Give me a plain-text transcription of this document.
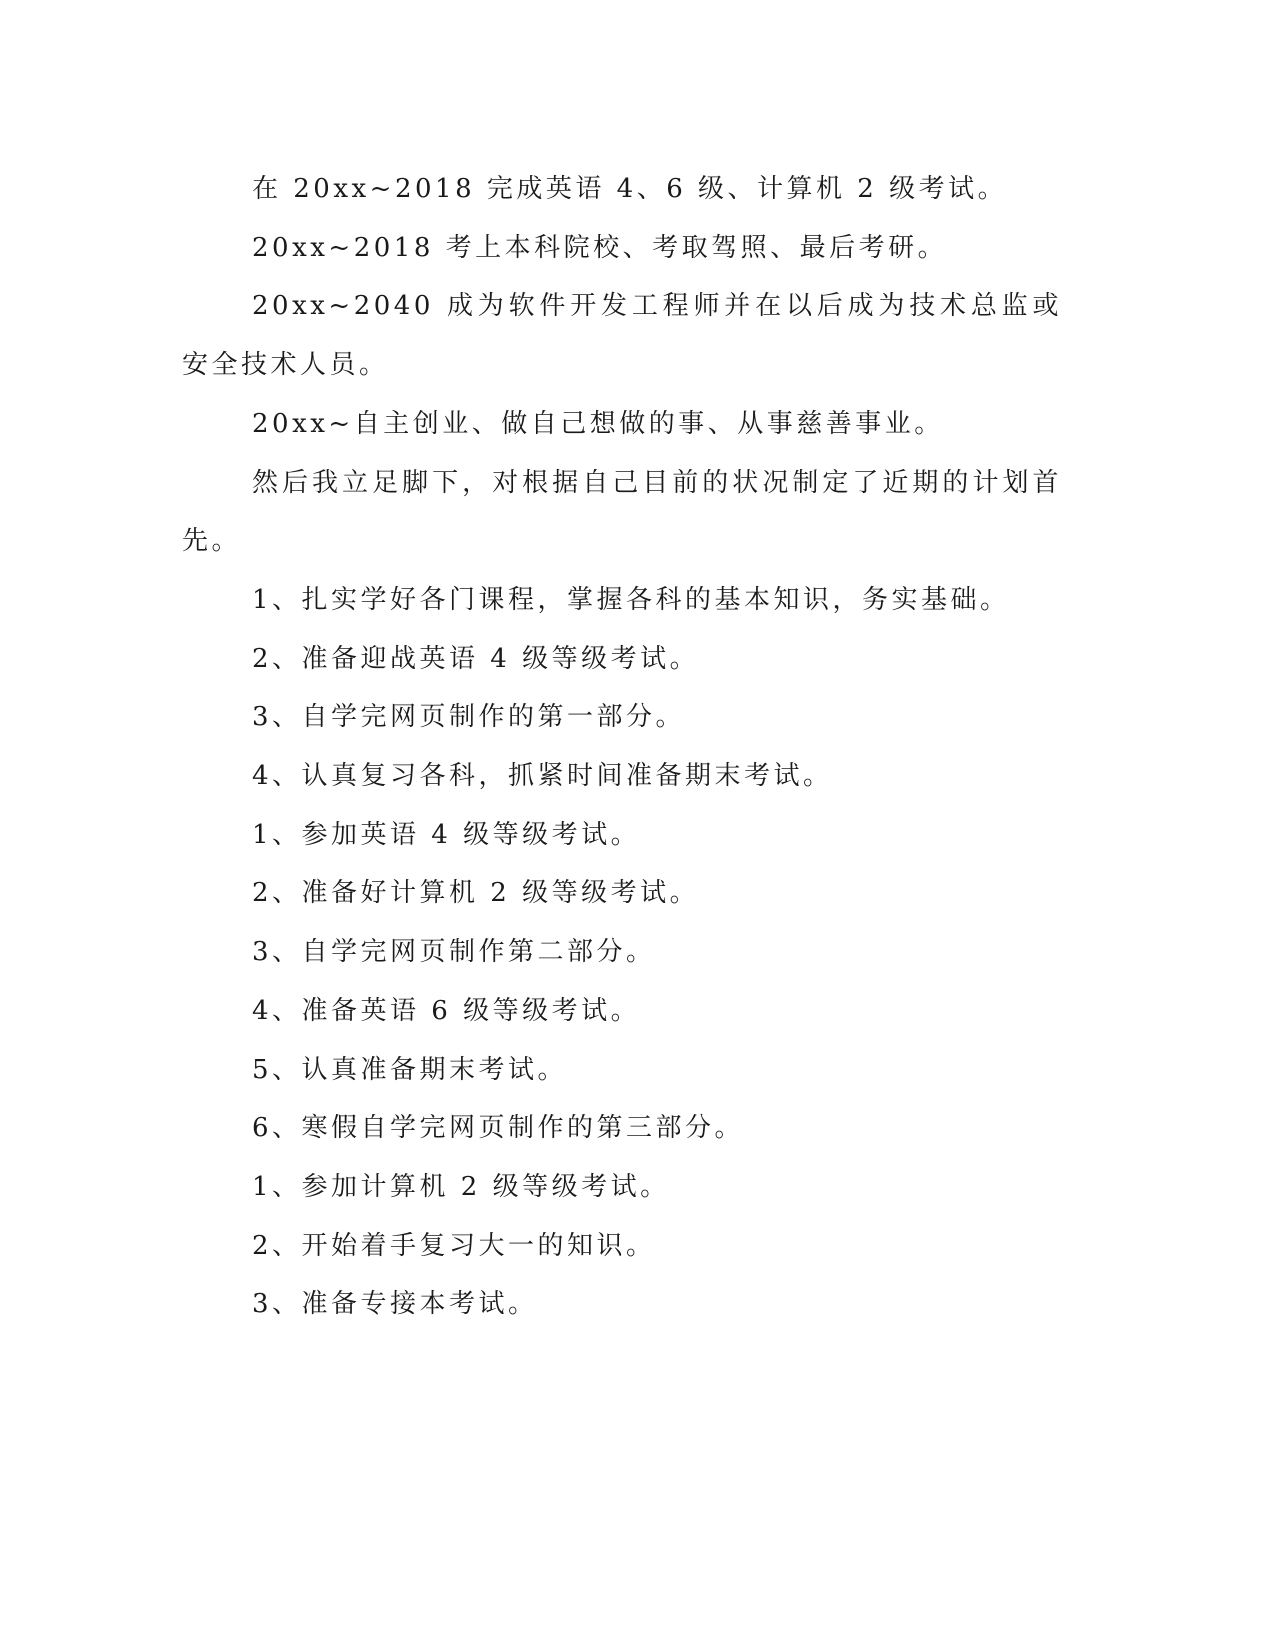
在 20xx~2018 完成英语 4、6 级、计算机 2 级考试。

20xx~2018 考上本科院校、考取驾照、最后考研。

20xx~2040 成为软件开发工程师并在以后成为技术总监或安全技术人员。

20xx~自主创业、做自己想做的事、从事慈善事业。

然后我立足脚下，对根据自己目前的状况制定了近期的计划首先。

1、扎实学好各门课程，掌握各科的基本知识，务实基础。

2、准备迎战英语 4 级等级考试。

3、自学完网页制作的第一部分。

4、认真复习各科，抓紧时间准备期末考试。

1、参加英语 4 级等级考试。

2、准备好计算机 2 级等级考试。

3、自学完网页制作第二部分。

4、准备英语 6 级等级考试。

5、认真准备期末考试。

6、寒假自学完网页制作的第三部分。

1、参加计算机 2 级等级考试。

2、开始着手复习大一的知识。

3、准备专接本考试。
